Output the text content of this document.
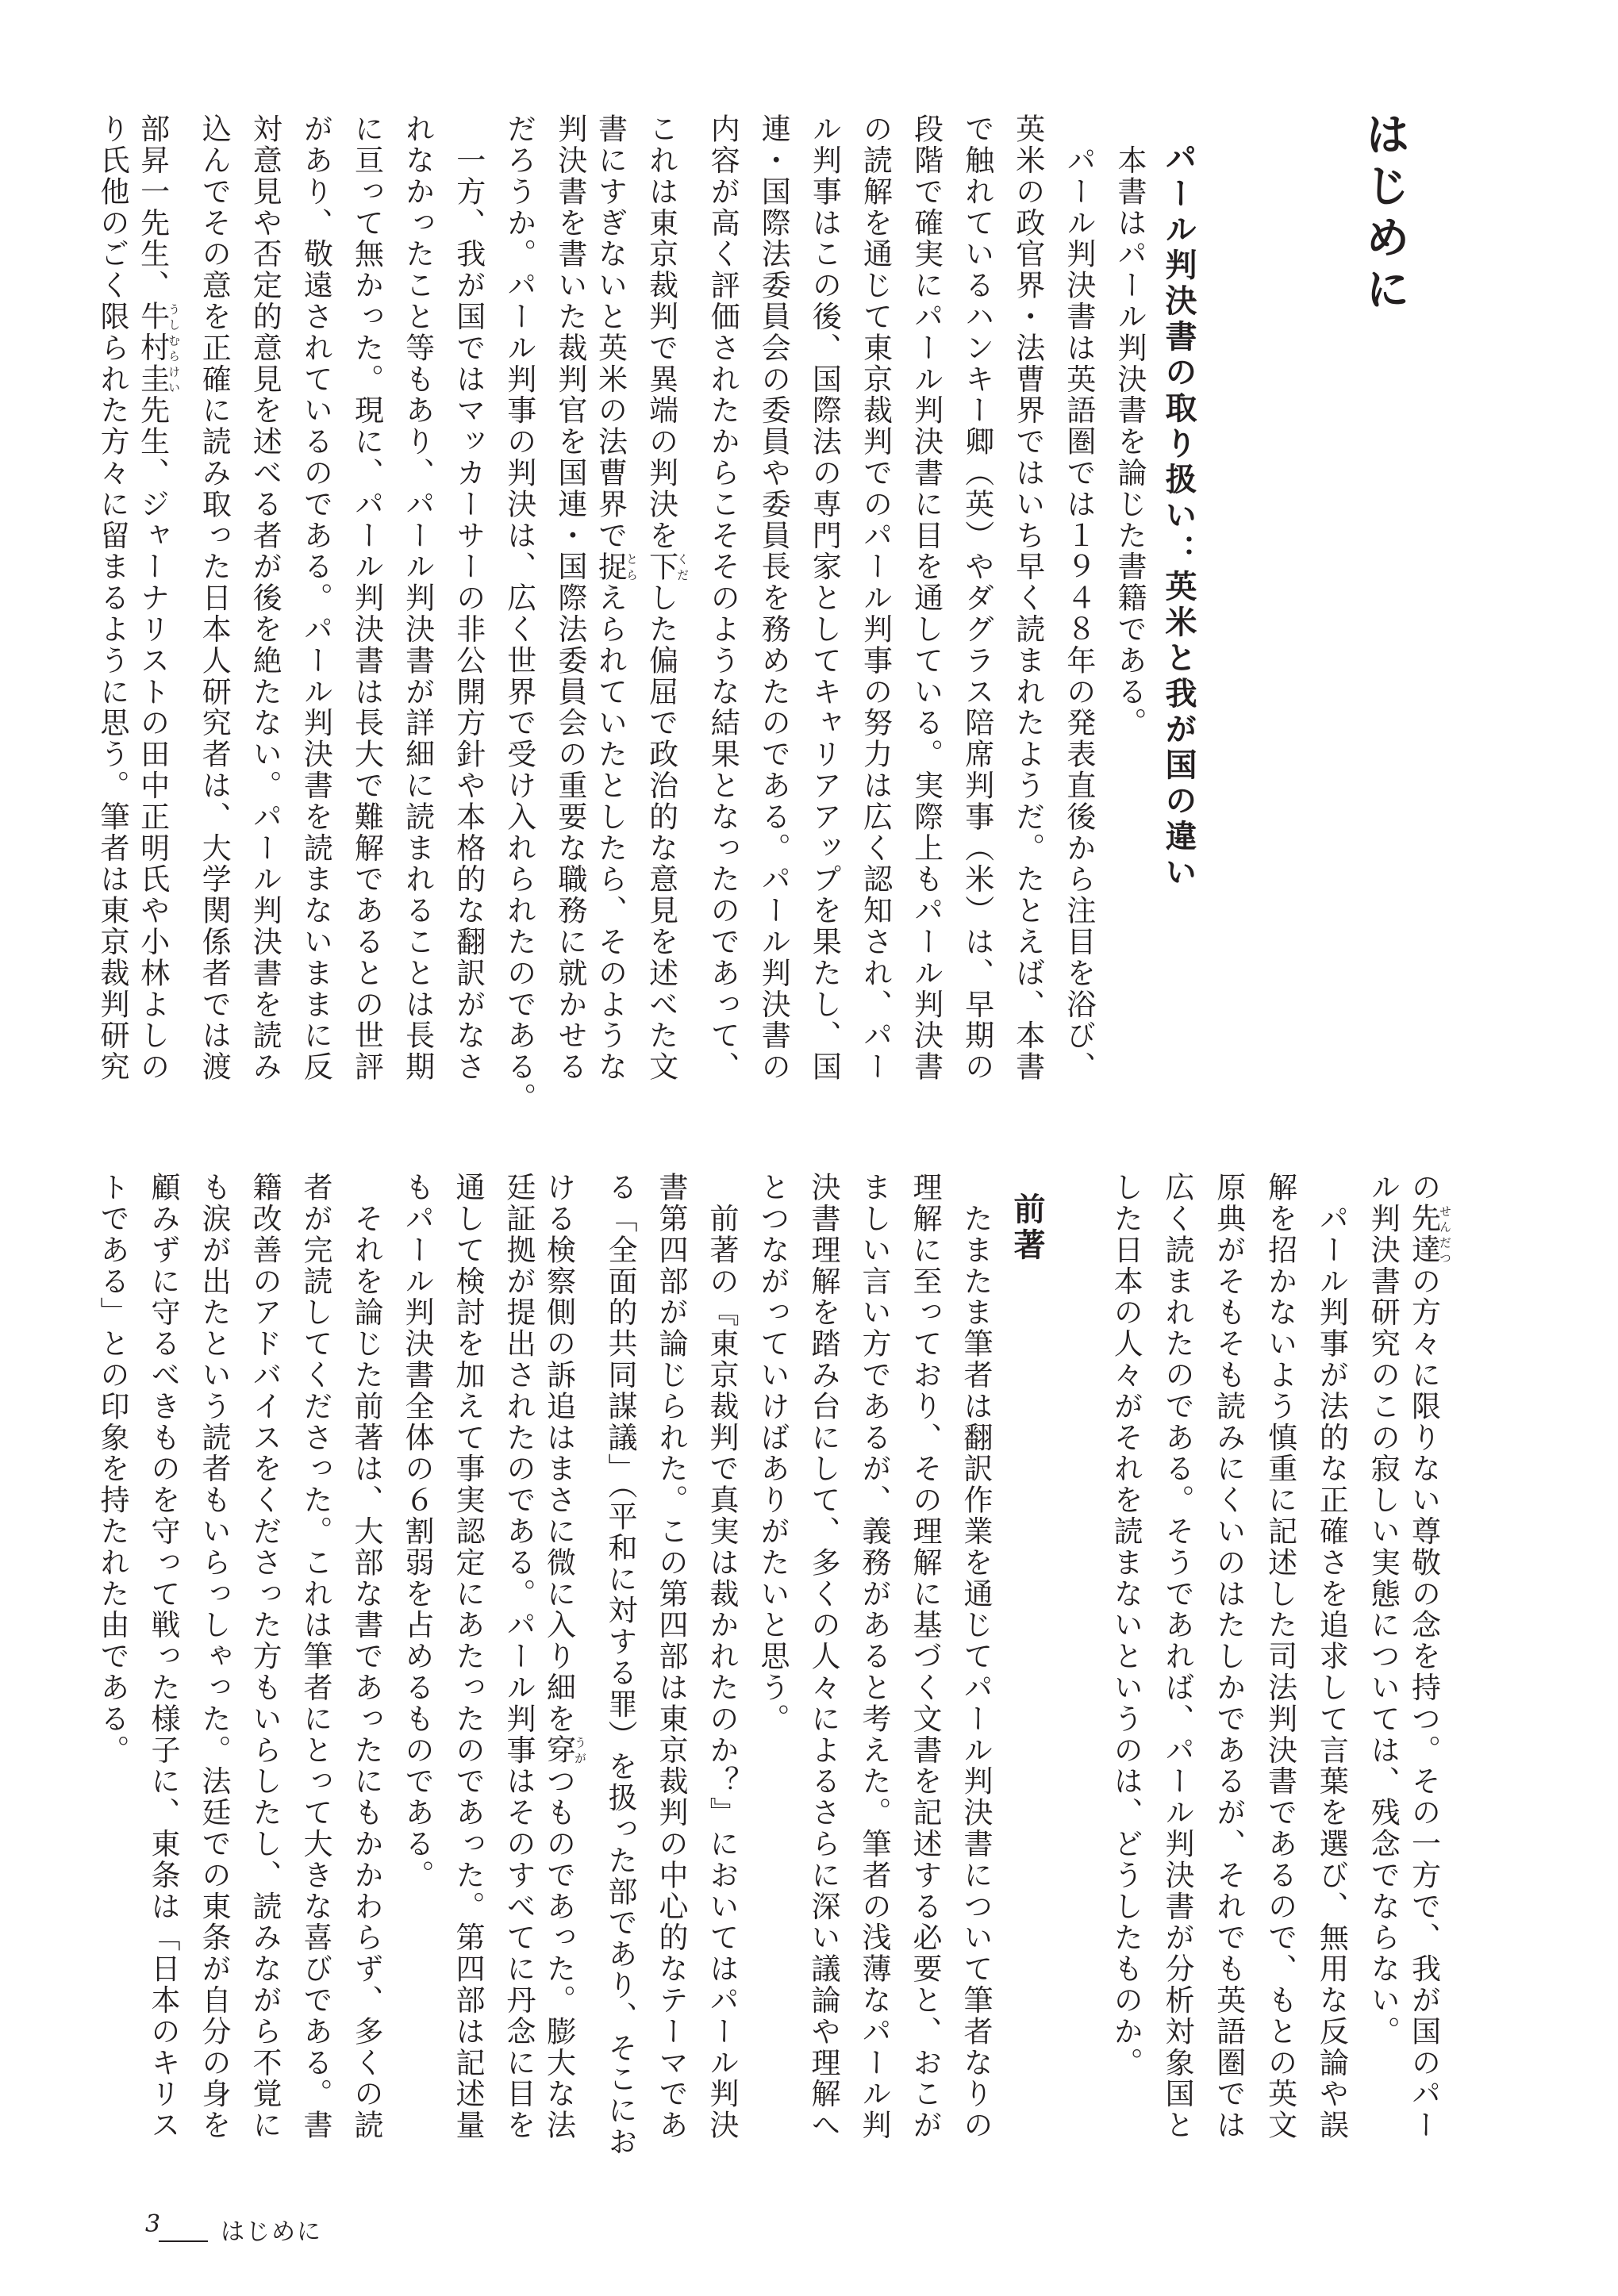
はじめに
パール判決書の取り扱い：英米と我が国の違い
前著
　本書はパール判決書を論じた書籍である。
　パール判決書は英語圏では１９４８年の発表直後から注目を浴び、
英米の政官界・法曹界ではいち早く読まれたようだ。たとえば、本書
で触れているハンキー卿（英）やダグラス陪席判事（米）は、早期の
段階で確実にパール判決書に目を通している。実際上もパール判決書
の読解を通じて東京裁判でのパール判事の努力は広く認知され、パー
ル判事はこの後、国際法の専門家としてキャリアアップを果たし、国
連・国際法委員会の委員や委員長を務めたのである。パール判決書の
内容が高く評価されたからこそそのような結果となったのであって、
これは東京裁判で異端の判決を下くだした偏屈で政治的な意見を述べた文
書にすぎないと英米の法曹界で捉とらえられていたとしたら、そのような
判決書を書いた裁判官を国連・国際法委員会の重要な職務に就かせる
だろうか。パール判事の判決は、広く世界で受け入れられたのである。
　一方、我が国ではマッカーサーの非公開方針や本格的な翻訳がなさ
れなかったこと等もあり、パール判決書が詳細に読まれることは長期
に亘って無かった。現に、パール判決書は長大で難解であるとの世評
があり、敬遠されているのである。パール判決書を読まないままに反
対意見や否定的意見を述べる者が後を絶たない。パール判決書を読み
込んでその意を正確に読み取った日本人研究者は、大学関係者では渡
部昇一先生、牛村圭うしむらけい先生、ジャーナリストの田中正明氏や小林よしの
り氏他のごく限られた方々に留まるように思う。筆者は東京裁判研究
の先達せんだつの方々に限りない尊敬の念を持つ。その一方で、我が国のパー
ル判決書研究のこの寂しい実態については、残念でならない。
　パール判事が法的な正確さを追求して言葉を選び、無用な反論や誤
解を招かないよう慎重に記述した司法判決書であるので、もとの英文
原典がそもそも読みにくいのはたしかであるが、それでも英語圏では
広く読まれたのである。そうであれば、パール判決書が分析対象国と
した日本の人々がそれを読まないというのは、どうしたものか。
　たまたま筆者は翻訳作業を通じてパール判決書について筆者なりの
理解に至っており、その理解に基づく文書を記述する必要と、おこが
ましい言い方であるが、義務があると考えた。筆者の浅薄なパール判
決書理解を踏み台にして、多くの人々によるさらに深い議論や理解へ
とつながっていけばありがたいと思う。
　前著の『東京裁判で真実は裁かれたのか？』においてはパール判決
書第四部が論じられた。この第四部は東京裁判の中心的なテーマであ
る「全面的共同謀議」（平和に対する罪）を扱った部であり、そこにお
ける検察側の訴追はまさに微に入り細を穿うがつものであった。膨大な法
廷証拠が提出されたのである。パール判事はそのすべてに丹念に目を
通して検討を加えて事実認定にあたったのであった。第四部は記述量
もパール判決書全体の６割弱を占めるものである。
　それを論じた前著は、大部な書であったにもかかわらず、多くの読
者が完読してくださった。これは筆者にとって大きな喜びである。書
籍改善のアドバイスをくださった方もいらしたし、読みながら不覚に
も涙が出たという読者もいらっしゃった。法廷での東条が自分の身を
顧みずに守るべきものを守って戦った様子に、東条は「日本のキリス
トである」との印象を持たれた由である。
3	はじめに
